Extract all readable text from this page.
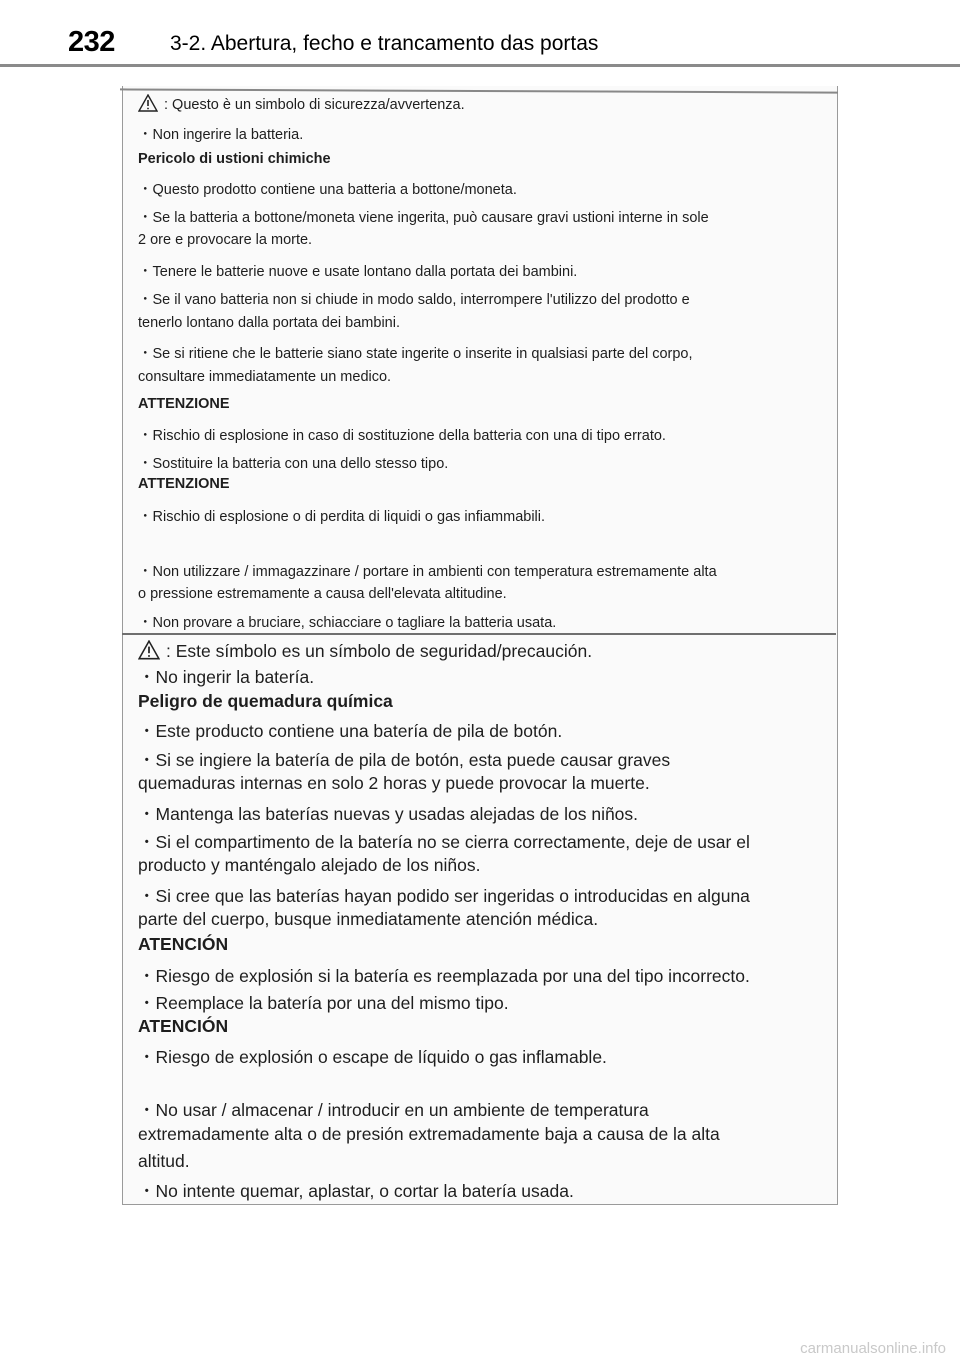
232	3-2. Abertura, fecho e trancamento das portas
: Questo è un simbolo di sicurezza/avvertenza.
・Non ingerire la batteria.
Pericolo di ustioni chimiche
・Questo prodotto contiene una batteria a bottone/moneta.
・Se la batteria a bottone/moneta viene ingerita, può causare gravi ustioni interne in sole
2 ore e provocare la morte.
・Tenere le batterie nuove e usate lontano dalla portata dei bambini.
・Se il vano batteria non si chiude in modo saldo, interrompere l'utilizzo del prodotto e
tenerlo lontano dalla portata dei bambini.
・Se si ritiene che le batterie siano state ingerite o inserite in qualsiasi parte del corpo,
consultare immediatamente un medico.
ATTENZIONE
・Rischio di esplosione in caso di sostituzione della batteria con una di tipo errato.
・Sostituire la batteria con una dello stesso tipo.
ATTENZIONE
・Rischio di esplosione o di perdita di liquidi o gas infiammabili.
・Non utilizzare / immagazzinare / portare in ambienti con temperatura estremamente alta
o pressione estremamente a causa dell'elevata altitudine.
・Non provare a bruciare, schiacciare o tagliare la batteria usata.
: Este símbolo es un símbolo de seguridad/precaución.
・No ingerir la batería.
Peligro de quemadura química
・Este producto contiene una batería de pila de botón.
・Si se ingiere la batería de pila de botón, esta puede causar graves
quemaduras internas en solo 2 horas y puede provocar la muerte.
・Mantenga las baterías nuevas y usadas alejadas de los niños.
・Si el compartimento de la batería no se cierra correctamente, deje de usar el
producto y manténgalo alejado de los niños.
・Si cree que las baterías hayan podido ser ingeridas o introducidas en alguna
parte del cuerpo, busque inmediatamente atención médica.
ATENCIÓN
・Riesgo de explosión si la batería es reemplazada por una del tipo incorrecto.
・Reemplace la batería por una del mismo tipo.
ATENCIÓN
・Riesgo de explosión o escape de líquido o gas inflamable.
・No usar / almacenar / introducir en un ambiente de temperatura
extremadamente alta o de presión extremadamente baja a causa de la alta
altitud.
・No intente quemar, aplastar, o cortar la batería usada.
carmanualsonline.info
